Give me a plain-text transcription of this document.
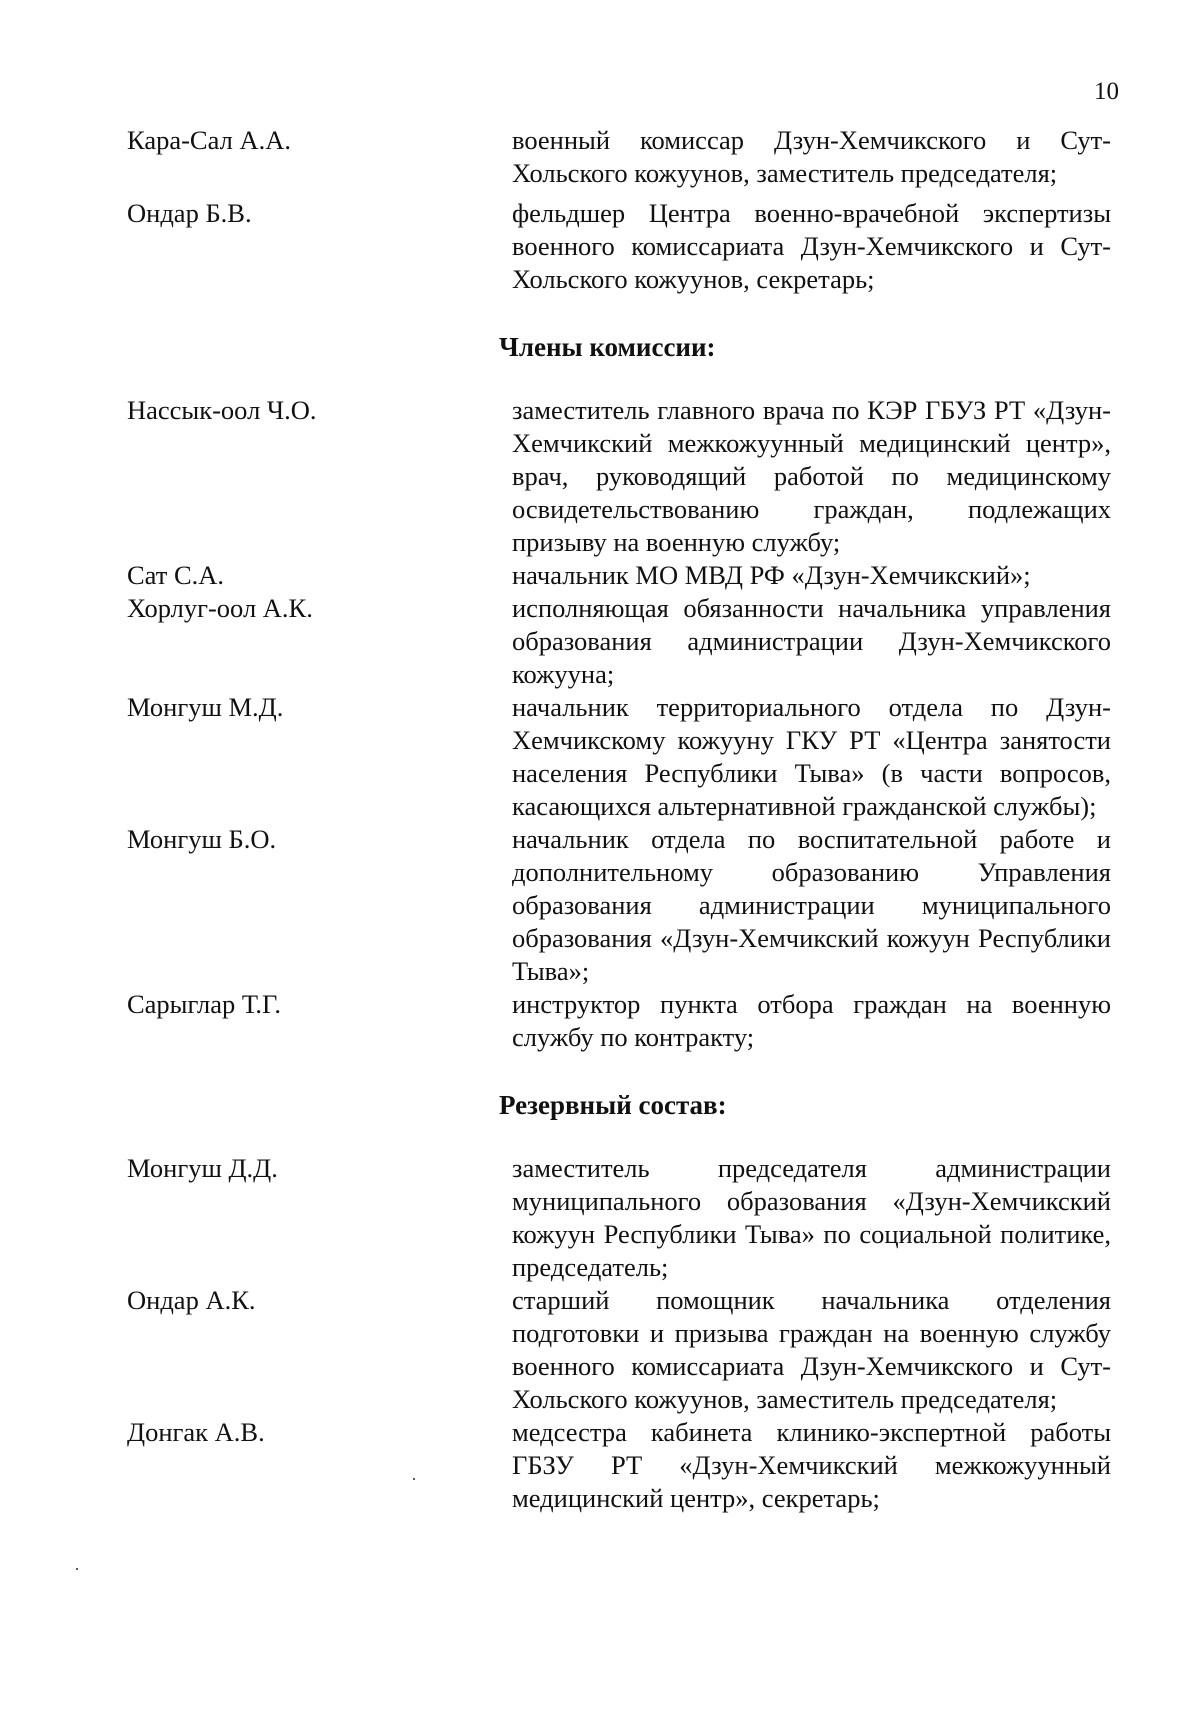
10
Кара-Сал А.А.	военный комиссар Дзун-Хемчикского и Сут-Хольского кожуунов, заместитель председателя;
Ондар Б.В.	фельдшер Центра военно-врачебной экспертизы военного комиссариата Дзун-Хемчикского и Сут-Хольского кожуунов, секретарь;
Члены комиссии:
Нассык-оол Ч.О.	заместитель главного врача по КЭР ГБУЗ РТ «Дзун-Хемчикский межкожуунный медицинский центр», врач, руководящий работой по медицинскому освидетельствованию граждан, подлежащих призыву на военную службу;
Сат С.А.	начальник МО МВД РФ «Дзун-Хемчикский»;
Хорлуг-оол А.К.	исполняющая обязанности начальника управления образования администрации Дзун-Хемчикского кожууна;
Монгуш М.Д.	начальник территориального отдела по Дзун-Хемчикскому кожууну ГКУ РТ «Центра занятости населения Республики Тыва» (в части вопросов, касающихся альтернативной гражданской службы);
Монгуш Б.О.	начальник отдела по воспитательной работе и дополнительному образованию Управления образования администрации муниципального образования «Дзун-Хемчикский кожуун Республики Тыва»;
Сарыглар Т.Г.	инструктор пункта отбора граждан на военную службу по контракту;
Резервный состав:
Монгуш Д.Д.	заместитель председателя администрации муниципального образования «Дзун-Хемчикский кожуун Республики Тыва» по социальной политике, председатель;
Ондар А.К.	старший помощник начальника отделения подготовки и призыва граждан на военную службу военного комиссариата Дзун-Хемчикского и Сут-Хольского кожуунов, заместитель председателя;
Донгак А.В.	медсестра кабинета клинико-экспертной работы ГБЗУ РТ «Дзун-Хемчикский межкожуунный медицинский центр», секретарь;
